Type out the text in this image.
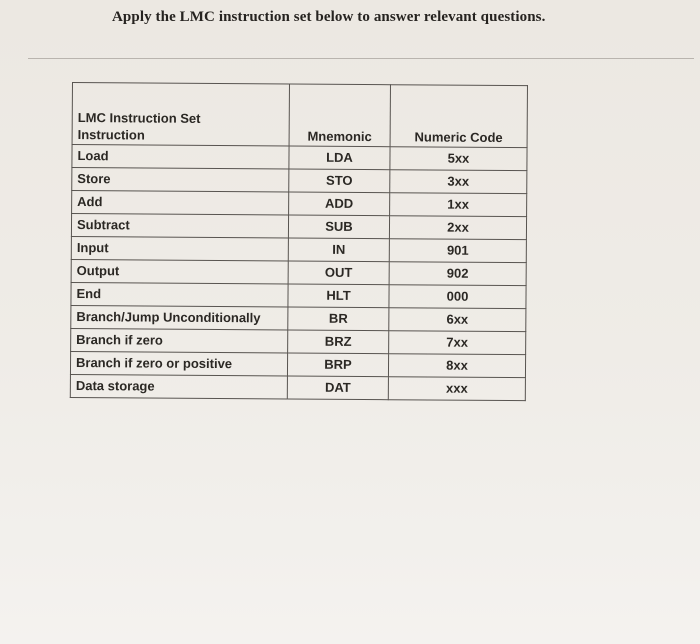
Apply the LMC instruction set below to answer relevant questions.
LMC Instruction Set
Instruction	Mnemonic	Numeric Code
Load	LDA	5xx
Store	STO	3xx
Add	ADD	1xx
Subtract	SUB	2xx
Input	IN	901
Output	OUT	902
End	HLT	000
Branch/Jump Unconditionally	BR	6xx
Branch if zero	BRZ	7xx
Branch if zero or positive	BRP	8xx
Data storage	DAT	xxx
